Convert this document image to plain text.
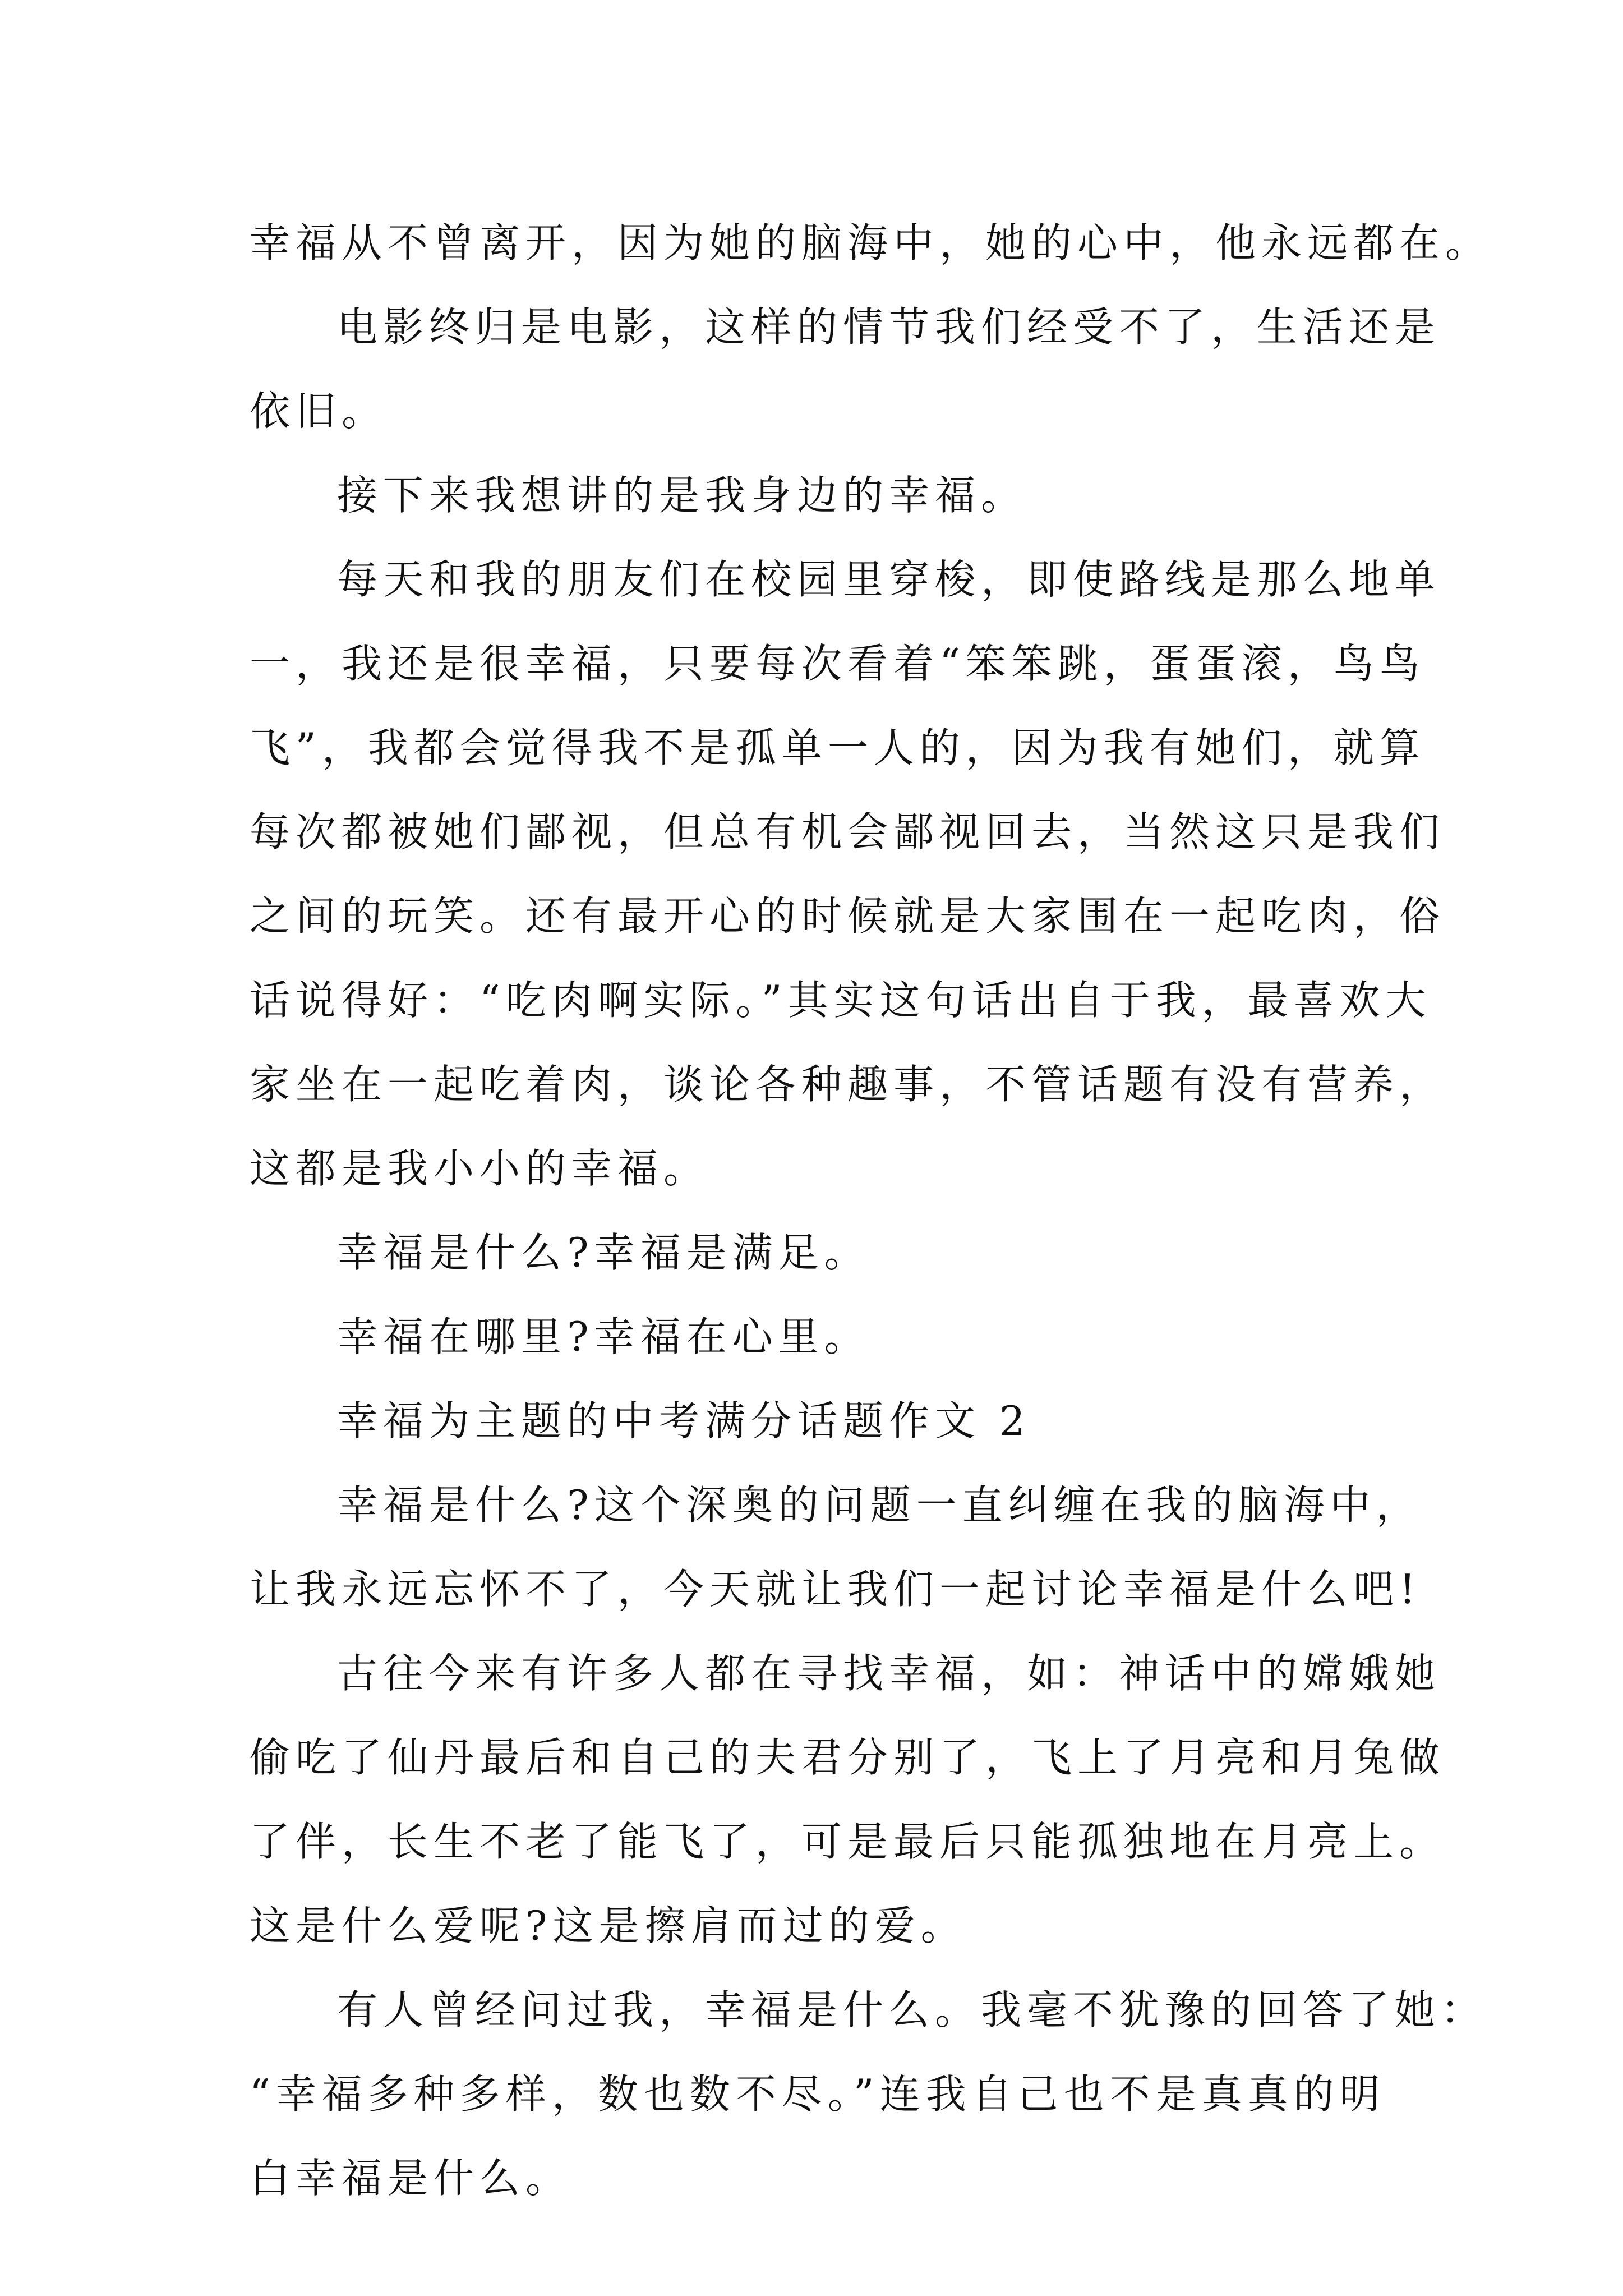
幸福从不曾离开，因为她的脑海中，她的心中，他永远都在。
电影终归是电影，这样的情节我们经受不了，生活还是
依旧。
接下来我想讲的是我身边的幸福。
每天和我的朋友们在校园里穿梭，即使路线是那么地单
一，我还是很幸福，只要每次看着“笨笨跳，蛋蛋滚，鸟鸟
飞”，我都会觉得我不是孤单一人的，因为我有她们，就算
每次都被她们鄙视，但总有机会鄙视回去，当然这只是我们
之间的玩笑。还有最开心的时候就是大家围在一起吃肉，俗
话说得好：“吃肉啊实际。”其实这句话出自于我，最喜欢大
家坐在一起吃着肉，谈论各种趣事，不管话题有没有营养，
这都是我小小的幸福。
幸福是什么?幸福是满足。
幸福在哪里?幸福在心里。
幸福为主题的中考满分话题作文 2
幸福是什么?这个深奥的问题一直纠缠在我的脑海中，
让我永远忘怀不了，今天就让我们一起讨论幸福是什么吧!
古往今来有许多人都在寻找幸福，如：神话中的嫦娥她
偷吃了仙丹最后和自己的夫君分别了，飞上了月亮和月兔做
了伴，长生不老了能飞了，可是最后只能孤独地在月亮上。
这是什么爱呢?这是擦肩而过的爱。
有人曾经问过我，幸福是什么。我毫不犹豫的回答了她：
“幸福多种多样，数也数不尽。”连我自己也不是真真的明
白幸福是什么。
